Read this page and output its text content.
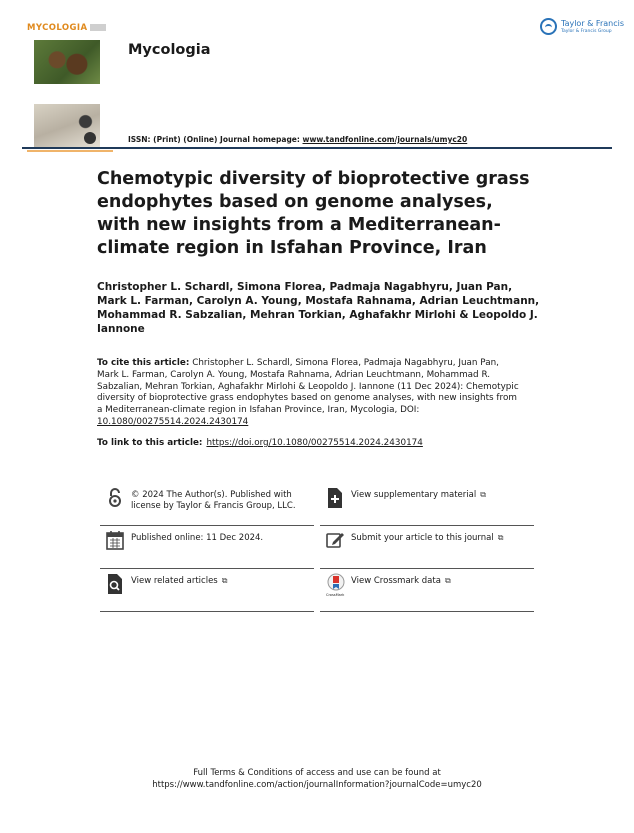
MYCOLOGIA
Mycologia
Taylor & Francis
Taylor & Francis Group
ISSN: (Print) (Online) Journal homepage: www.tandfonline.com/journals/umyc20
Chemotypic diversity of bioprotective grass endophytes based on genome analyses, with new insights from a Mediterranean-climate region in Isfahan Province, Iran
Christopher L. Schardl, Simona Florea, Padmaja Nagabhyru, Juan Pan, Mark L. Farman, Carolyn A. Young, Mostafa Rahnama, Adrian Leuchtmann, Mohammad R. Sabzalian, Mehran Torkian, Aghafakhr Mirlohi & Leopoldo J. Iannone
To cite this article: Christopher L. Schardl, Simona Florea, Padmaja Nagabhyru, Juan Pan, Mark L. Farman, Carolyn A. Young, Mostafa Rahnama, Adrian Leuchtmann, Mohammad R. Sabzalian, Mehran Torkian, Aghafakhr Mirlohi & Leopoldo J. Iannone (11 Dec 2024): Chemotypic diversity of bioprotective grass endophytes based on genome analyses, with new insights from a Mediterranean-climate region in Isfahan Province, Iran, Mycologia, DOI: 10.1080/00275514.2024.2430174
To link to this article: https://doi.org/10.1080/00275514.2024.2430174
© 2024 The Author(s). Published with license by Taylor & Francis Group, LLC.
View supplementary material ⧉
Published online: 11 Dec 2024.	Submit your article to this journal ⧉
View related articles ⧉
CrossMark
View Crossmark data ⧉
Full Terms & Conditions of access and use can be found at
https://www.tandfonline.com/action/journalInformation?journalCode=umyc20
